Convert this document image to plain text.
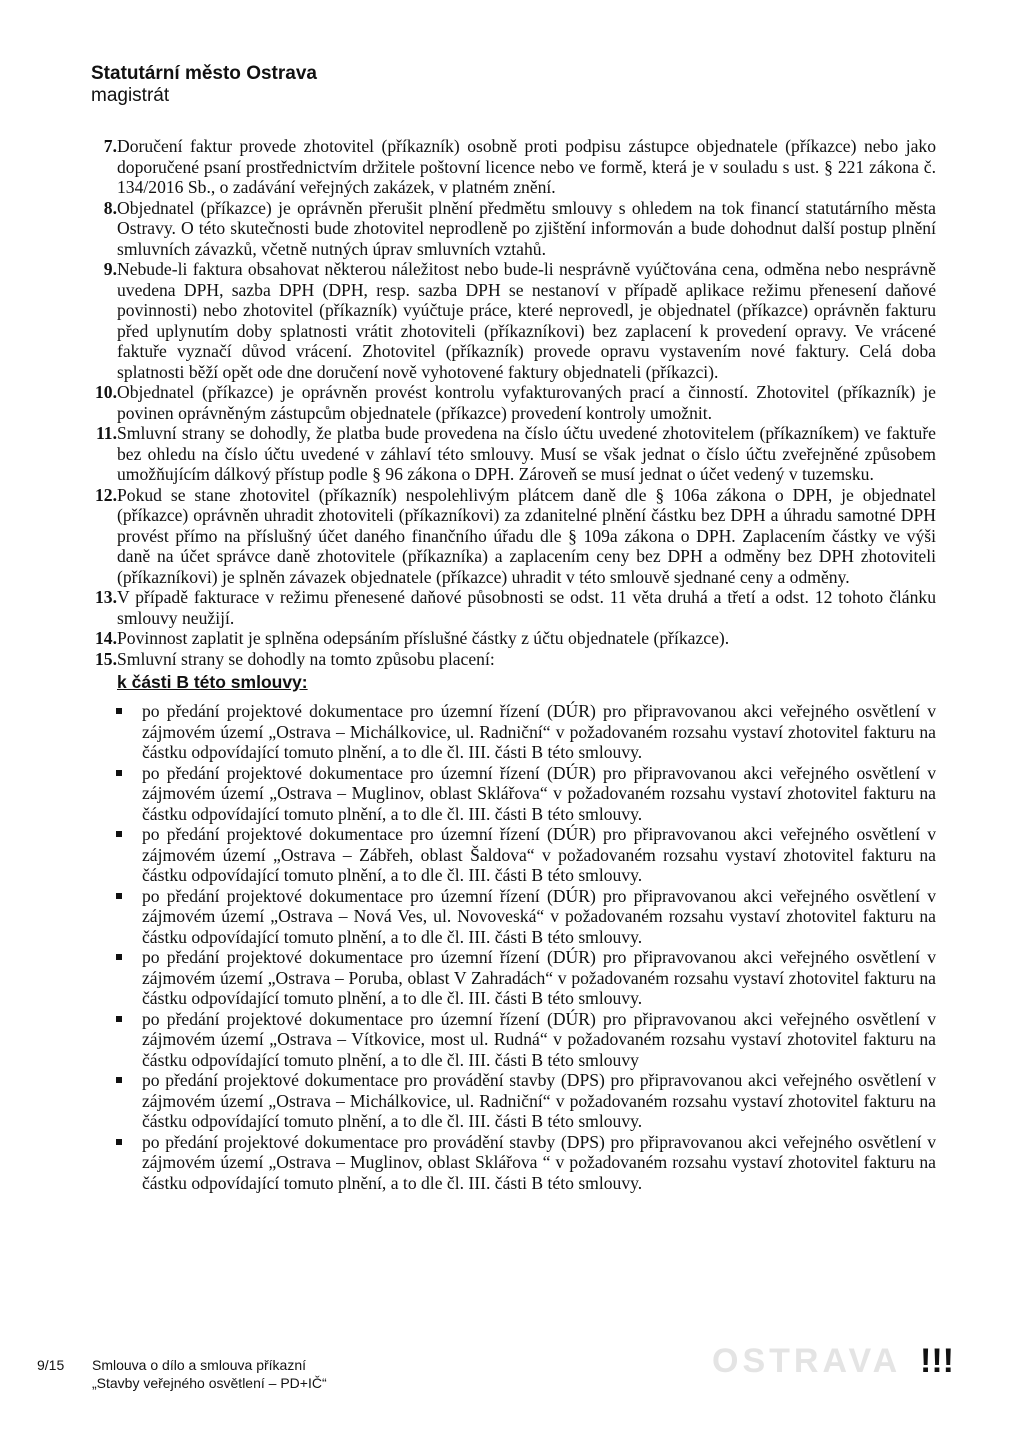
Statutární město Ostrava
magistrát
7. Doručení faktur provede zhotovitel (příkazník) osobně proti podpisu zástupce objednatele (příkazce) nebo jako doporučené psaní prostřednictvím držitele poštovní licence nebo ve formě, která je v souladu s ust. § 221 zákona č. 134/2016 Sb., o zadávání veřejných zakázek, v platném znění.
8. Objednatel (příkazce) je oprávněn přerušit plnění předmětu smlouvy s ohledem na tok financí statutárního města Ostravy. O této skutečnosti bude zhotovitel neprodleně po zjištění informován a bude dohodnut další postup plnění smluvních závazků, včetně nutných úprav smluvních vztahů.
9. Nebude-li faktura obsahovat některou náležitost nebo bude-li nesprávně vyúčtována cena, odměna nebo nesprávně uvedena DPH, sazba DPH (DPH, resp. sazba DPH se nestanoví v případě aplikace režimu přenesení daňové povinnosti) nebo zhotovitel (příkazník) vyúčtuje práce, které neprovedl, je objednatel (příkazce) oprávněn fakturu před uplynutím doby splatnosti vrátit zhotoviteli (příkazníkovi) bez zaplacení k provedení opravy. Ve vrácené faktuře vyznačí důvod vrácení. Zhotovitel (příkazník) provede opravu vystavením nové faktury. Celá doba splatnosti běží opět ode dne doručení nově vyhotovené faktury objednateli (příkazci).
10. Objednatel (příkazce) je oprávněn provést kontrolu vyfakturovaných prací a činností. Zhotovitel (příkazník) je povinen oprávněným zástupcům objednatele (příkazce) provedení kontroly umožnit.
11. Smluvní strany se dohodly, že platba bude provedena na číslo účtu uvedené zhotovitelem (příkazníkem) ve faktuře bez ohledu na číslo účtu uvedené v záhlaví této smlouvy. Musí se však jednat o číslo účtu zveřejněné způsobem umožňujícím dálkový přístup podle § 96 zákona o DPH. Zároveň se musí jednat o účet vedený v tuzemsku.
12. Pokud se stane zhotovitel (příkazník) nespolehlivým plátcem daně dle § 106a zákona o DPH, je objednatel (příkazce) oprávněn uhradit zhotoviteli (příkazníkovi) za zdanitelné plnění částku bez DPH a úhradu samotné DPH provést přímo na příslušný účet daného finančního úřadu dle § 109a zákona o DPH. Zaplacením částky ve výši daně na účet správce daně zhotovitele (příkazníka) a zaplacením ceny bez DPH a odměny bez DPH zhotoviteli (příkazníkovi) je splněn závazek objednatele (příkazce) uhradit v této smlouvě sjednané ceny a odměny.
13. V případě fakturace v režimu přenesené daňové působnosti se odst. 11 věta druhá a třetí a odst. 12 tohoto článku smlouvy neužijí.
14. Povinnost zaplatit je splněna odepsáním příslušné částky z účtu objednatele (příkazce).
15. Smluvní strany se dohodly na tomto způsobu placení:
k části B této smlouvy:
po předání projektové dokumentace pro územní řízení (DÚR) pro připravovanou akci veřejného osvětlení v zájmovém území „Ostrava – Michálkovice, ul. Radniční“ v požadovaném rozsahu vystaví zhotovitel fakturu na částku odpovídající tomuto plnění, a to dle čl. III. části B této smlouvy.
po předání projektové dokumentace pro územní řízení (DÚR) pro připravovanou akci veřejného osvětlení v zájmovém území „Ostrava – Muglinov, oblast Sklářova“ v požadovaném rozsahu vystaví zhotovitel fakturu na částku odpovídající tomuto plnění, a to dle čl. III. části B této smlouvy.
po předání projektové dokumentace pro územní řízení (DÚR) pro připravovanou akci veřejného osvětlení v zájmovém území „Ostrava – Zábřeh, oblast Šaldova“ v požadovaném rozsahu vystaví zhotovitel fakturu na částku odpovídající tomuto plnění, a to dle čl. III. části B této smlouvy.
po předání projektové dokumentace pro územní řízení (DÚR) pro připravovanou akci veřejného osvětlení v zájmovém území „Ostrava – Nová Ves, ul. Novoveská“ v požadovaném rozsahu vystaví zhotovitel fakturu na částku odpovídající tomuto plnění, a to dle čl. III. části B této smlouvy.
po předání projektové dokumentace pro územní řízení (DÚR) pro připravovanou akci veřejného osvětlení v zájmovém území „Ostrava – Poruba, oblast V Zahradách“ v požadovaném rozsahu vystaví zhotovitel fakturu na částku odpovídající tomuto plnění, a to dle čl. III. části B této smlouvy.
po předání projektové dokumentace pro územní řízení (DÚR) pro připravovanou akci veřejného osvětlení v zájmovém území „Ostrava – Vítkovice, most ul. Rudná“ v požadovaném rozsahu vystaví zhotovitel fakturu na částku odpovídající tomuto plnění, a to dle čl. III. části B této smlouvy
po předání projektové dokumentace pro provádění stavby (DPS) pro připravovanou akci veřejného osvětlení v zájmovém území „Ostrava – Michálkovice, ul. Radniční“ v požadovaném rozsahu vystaví zhotovitel fakturu na částku odpovídající tomuto plnění, a to dle čl. III. části B této smlouvy.
po předání projektové dokumentace pro provádění stavby (DPS) pro připravovanou akci veřejného osvětlení v zájmovém území „Ostrava – Muglinov, oblast Sklářova “ v požadovaném rozsahu vystaví zhotovitel fakturu na částku odpovídající tomuto plnění, a to dle čl. III. části B této smlouvy.
9/15 Smlouva o dílo a smlouva příkazní
„Stavby veřejného osvětlení – PD+IČ“
OSTRAVA !!!
